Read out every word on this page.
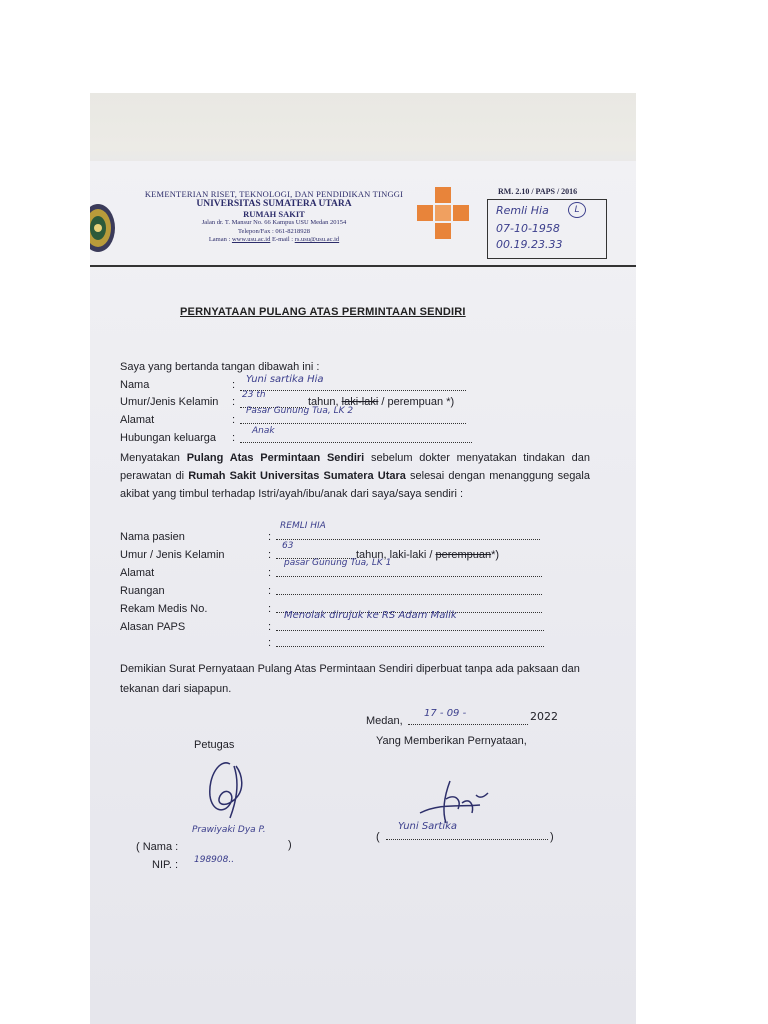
KEMENTERIAN RISET, TEKNOLOGI, DAN PENDIDIKAN TINGGI
UNIVERSITAS SUMATERA UTARA
RUMAH SAKIT
Jalan dr. T. Mansur No. 66 Kampus USU Medan 20154
Telepon/Fax : 061-8218928
Laman : www.usu.ac.id E-mail : rs.usu@usu.ac.id
RM. 2.10 / PAPS / 2016
Remli Hia	L
07-10-1958
00.19.23.33
PERNYATAAN PULANG ATAS PERMINTAAN SENDIRI
Saya yang bertanda tangan dibawah ini :
Nama	: Yuni sartika Hia
Umur/Jenis Kelamin :
23 th
tahun, laki-laki / perempuan *)
Alamat	:
Pasar Gunung Tua, LK 2
Hubungan keluarga :
Anak
Menyatakan Pulang Atas Permintaan Sendiri sebelum dokter menyatakan tindakan dan perawatan di Rumah Sakit Universitas Sumatera Utara selesai dengan menanggung segala akibat yang timbul terhadap Istri/ayah/ibu/anak dari saya/saya sendiri :
Nama pasien	:
REMLI HIA
Umur / Jenis Kelamin	:
63
tahun, laki-laki / perempuan*)
Alamat	:
pasar Gunung Tua, LK 1
Ruangan	:
Rekam Medis No.	:
Alasan PAPS	:
Menolak dirujuk ke RS Adam Malik
:
Demikian Surat Pernyataan Pulang Atas Permintaan Sendiri diperbuat tanpa ada paksaan dan tekanan dari siapapun.
Medan,
17 - 09 -	2022
Yang Memberikan Pernyataan,
Petugas
( Nama :
Prawiyaki Dya P.
)
NIP. : 198908..
(
Yuni Sartika
)
